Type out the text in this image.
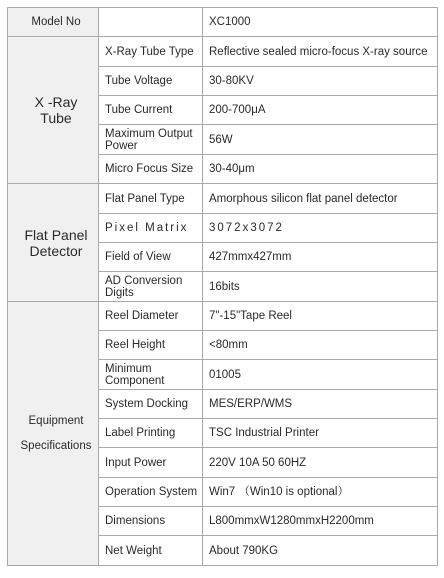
Model No		XC1000

X -Ray
Tube	X-Ray Tube Type	Reflective sealed micro-focus X-ray source
	Tube Voltage	30-80KV
	Tube Current	200-700μA
	Maximum Output Power	56W
	Micro Focus Size	30-40μm

Flat Panel
Detector	Flat Panel Type	Amorphous silicon flat panel detector
	Pixel Matrix	3072x3072
	Field of View	427mmx427mm
	AD Conversion Digits	16bits

Equipment
Specifications	Reel Diameter	7"-15"Tape Reel
	Reel Height	<80mm
	Minimum Component	01005
	System Docking	MES/ERP/WMS
	Label Printing	TSC Industrial Printer
	Input Power	220V 10A 50 60HZ
	Operation System	Win7 （Win10 is optional）
	Dimensions	L800mmxW1280mmxH2200mm
	Net Weight	About 790KG
